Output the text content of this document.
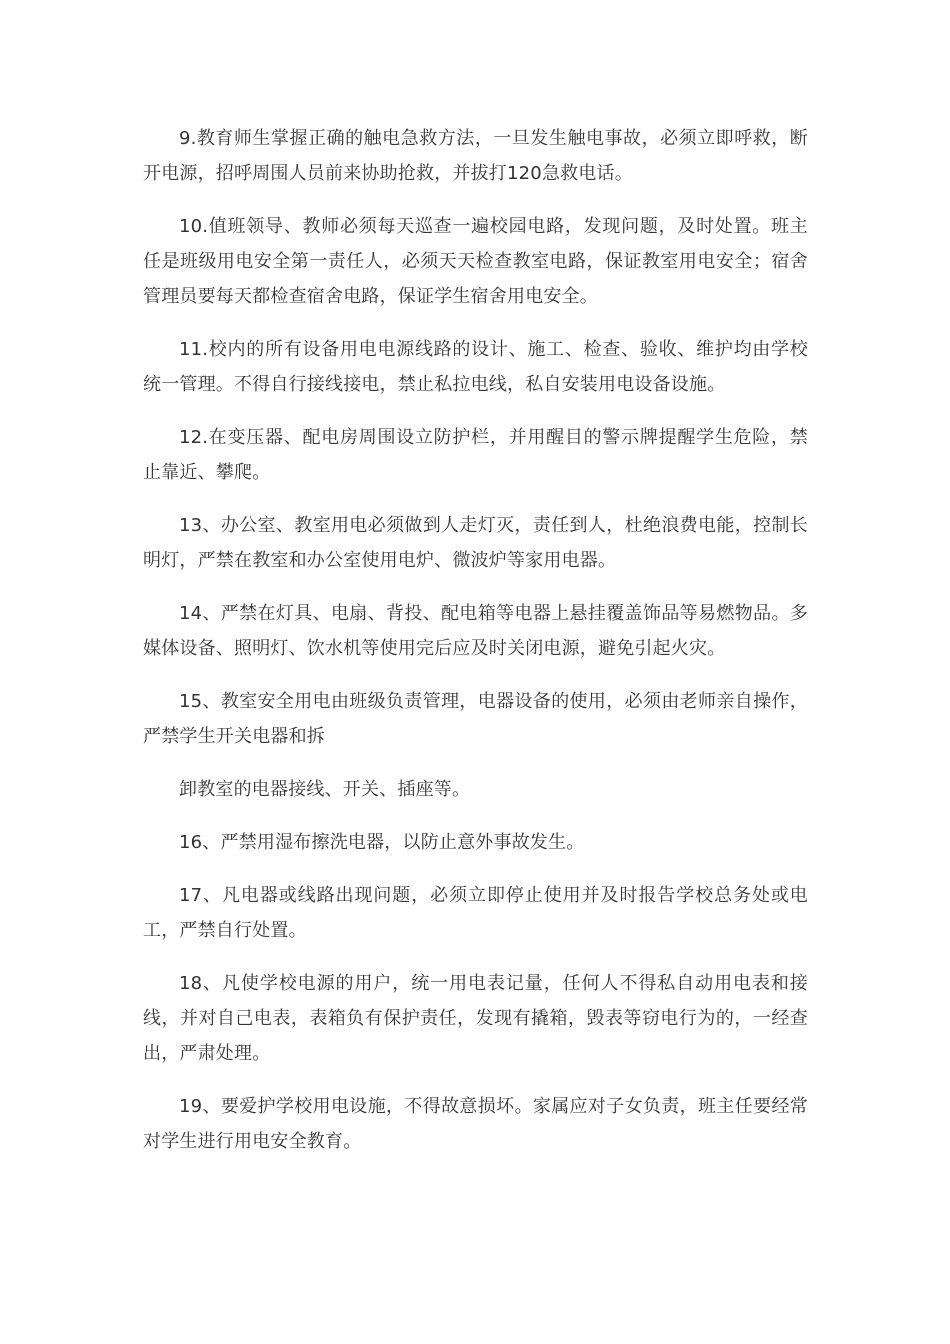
9.教育师生掌握正确的触电急救方法，一旦发生触电事故，必须立即呼救，断开电源，招呼周围人员前来协助抢救，并拔打120急救电话。

10.值班领导、教师必须每天巡查一遍校园电路，发现问题，及时处置。班主任是班级用电安全第一责任人，必须天天检查教室电路，保证教室用电安全；宿舍管理员要每天都检查宿舍电路，保证学生宿舍用电安全。

11.校内的所有设备用电电源线路的设计、施工、检查、验收、维护均由学校统一管理。不得自行接线接电，禁止私拉电线，私自安装用电设备设施。

12.在变压器、配电房周围设立防护栏，并用醒目的警示牌提醒学生危险，禁止靠近、攀爬。

13、办公室、教室用电必须做到人走灯灭，责任到人，杜绝浪费电能，控制长明灯，严禁在教室和办公室使用电炉、微波炉等家用电器。

14、严禁在灯具、电扇、背投、配电箱等电器上悬挂覆盖饰品等易燃物品。多媒体设备、照明灯、饮水机等使用完后应及时关闭电源，避免引起火灾。

15、教室安全用电由班级负责管理，电器设备的使用，必须由老师亲自操作，严禁学生开关电器和拆

卸教室的电器接线、开关、插座等。

16、严禁用湿布擦洗电器，以防止意外事故发生。

17、凡电器或线路出现问题，必须立即停止使用并及时报告学校总务处或电工，严禁自行处置。

18、凡使学校电源的用户，统一用电表记量，任何人不得私自动用电表和接线，并对自己电表，表箱负有保护责任，发现有撬箱，毁表等窃电行为的，一经查出，严肃处理。

19、要爱护学校用电设施，不得故意损坏。家属应对子女负责，班主任要经常对学生进行用电安全教育。
